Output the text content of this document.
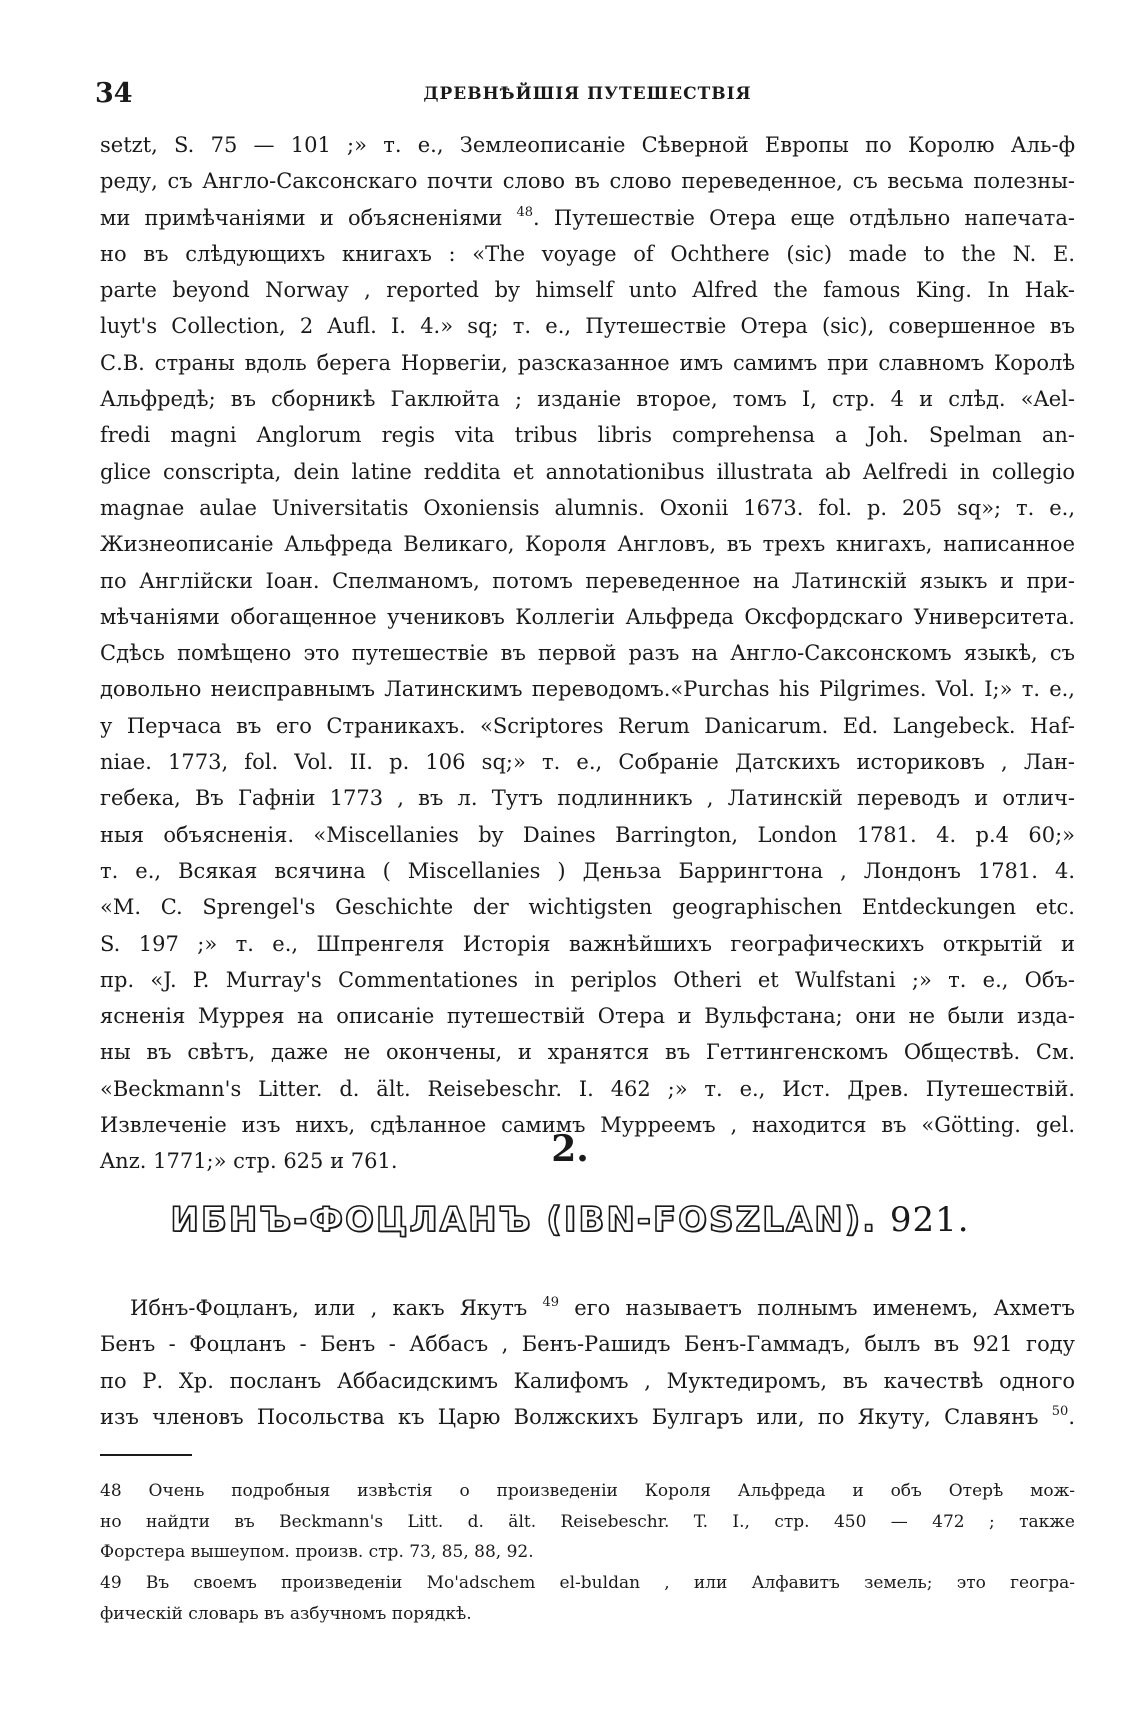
34	ДРЕВНѢЙШІЯ ПУТЕШЕСТВІЯ
setzt, S. 75 — 101 ;» т. е., Землеописаніе Сѣверной Европы по Королю Аль-ф
реду, съ Англо-Саксонскаго почти слово въ слово переведенное, съ весьма полезны-
ми примѣчаніями и объясненіями $^{48}$. Путешествіе Отера еще отдѣльно напечата-
но въ слѣдующихъ книгахъ : «The voyage of Ochthere (sic) made to the N. E.
parte beyond Norway , reported by himself unto Alfred the famous King. In Hak-
luyt's Collection, 2 Aufl. I. 4.» sq; т. е., Путешествіе Отера (sic), совершенное въ
С.В. страны вдоль берега Норвегіи, разсказанное имъ самимъ при славномъ Королѣ
Альфредѣ; въ сборникѣ Гаклюйта ; изданіе второе, томъ I, стр. 4 и слѣд. «Ael-
fredi magni Anglorum regis vita tribus libris comprehensa a Joh. Spelman an-
glice conscripta, dein latine reddita et annotationibus illustrata ab Aelfredi in collegio
magnae aulae Universitatis Oxoniensis alumnis. Oxonii 1673. fol. p. 205 sq»; т. е.,
Жизнеописаніе Альфреда Великаго, Короля Англовъ, въ трехъ книгахъ, написанное
по Англійски Іоан. Спелманомъ, потомъ переведенное на Латинскій языкъ и при-
мѣчаніями обогащенное учениковъ Коллегіи Альфреда Оксфордскаго Университета.
Сдѣсь помѣщено это путешествіе въ первой разъ на Англо-Саксонскомъ языкѣ, съ
довольно неисправнымъ Латинскимъ переводомъ.«Purchas his Pilgrimes. Vol. I;» т. е.,
у Перчаса въ его Страникахъ. «Scriptores Rerum Danicarum. Ed. Langebeck. Haf-
niae. 1773, fol. Vol. II. p. 106 sq;» т. е., Собраніе Датскихъ историковъ , Лан-
гебека, Въ Гафніи 1773 , въ л. Тутъ подлинникъ , Латинскій переводъ и отлич-
ныя объясненія. «Miscellanies by Daines Barrington, London 1781. 4. p.4 60;»
т. е., Всякая всячина ( Miscellanies ) Деньза Баррингтона , Лондонъ 1781. 4.
«M. C. Sprengel's Geschichte der wichtigsten geographischen Entdeckungen etc.
S. 197 ;» т. е., Шпренгеля Исторія важнѣйшихъ географическихъ открытій и
пр. «J. P. Murray's Commentationes in periplos Otheri et Wulfstani ;» т. е., Объ-
ясненія Муррея на описаніе путешествій Отера и Вульфстана; они не были изда-
ны въ свѣтъ, даже не окончены, и хранятся въ Геттингенскомъ Обществѣ. См.
«Beckmann's Litter. d. ält. Reisebeschr. I. 462 ;» т. е., Ист. Древ. Путешествій.
Извлеченіе изъ нихъ, сдѣланное самимъ Мурреемъ , находится въ «Götting. gel.
Anz. 1771;» стр. 625 и 761.	2.
ИБНЪ-ФОЦЛАНЪ (IBN-FOSZLAN). 921.
Ибнъ-Фоцланъ, или , какъ Якутъ $^{49}$ его называетъ полнымъ именемъ, Ахметъ
Бенъ - Фоцланъ - Бенъ - Аббасъ , Бенъ-Рашидъ Бенъ-Гаммадъ, былъ въ 921 году
по Р. Хр. посланъ Аббасидскимъ Калифомъ , Муктедиромъ, въ качествѣ одного
изъ членовъ Посольства къ Царю Волжскихъ Булгаръ или, по Якуту, Славянъ $^{50}$.
48 Очень подробныя извѣстія о произведеніи Короля Альфреда и объ Отерѣ мож-
но найдти въ Beckmann's Litt. d. ält. Reisebeschr. T. I., стр. 450 — 472 ; также
Форстера вышеупом. произв. стр. 73, 85, 88, 92.
49 Въ своемъ произведеніи Mo'adschem el-buldan , или Алфавитъ земель; это геогра-
фическій словарь въ азбучномъ порядкѣ.
